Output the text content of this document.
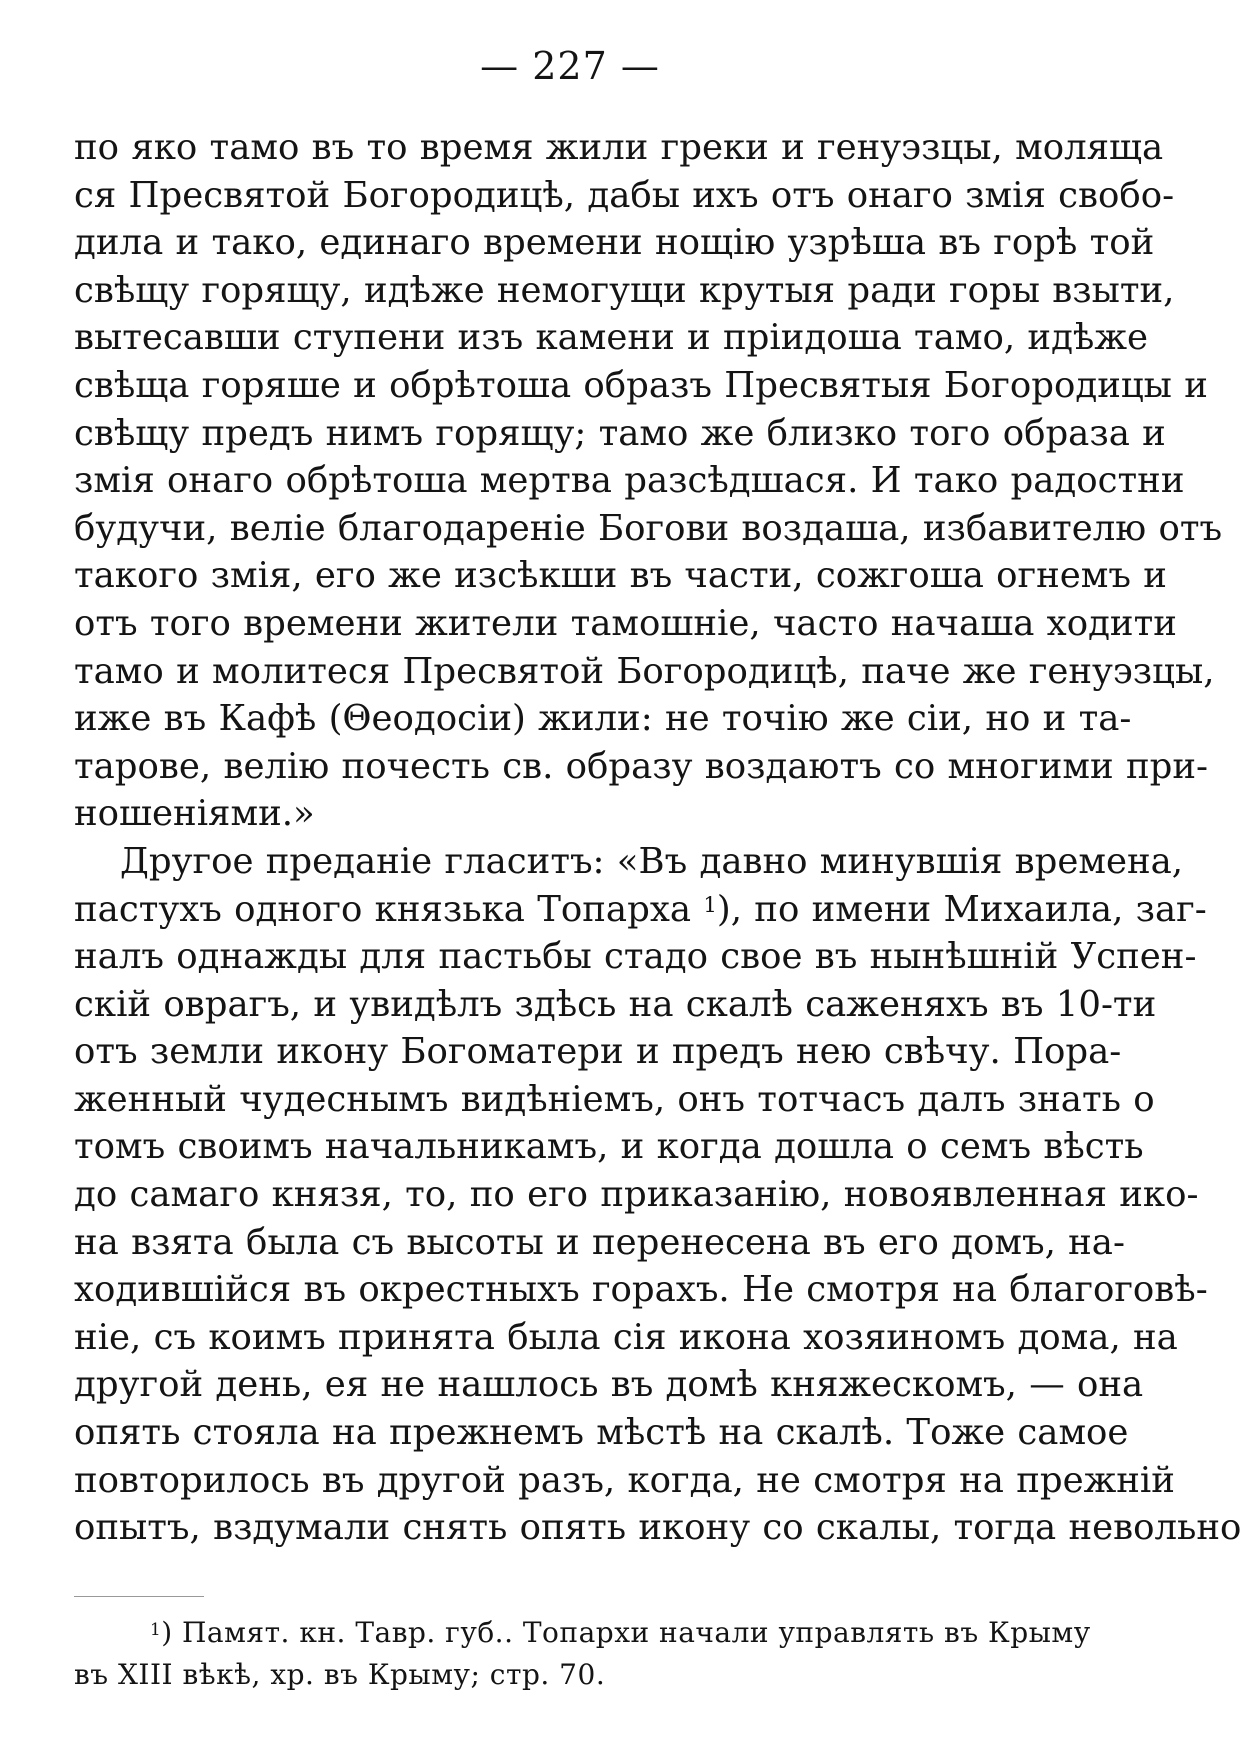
— 227 —

по яко тамо въ то время жили греки и генуэзцы, моляща
ся Пресвятой Богородицѣ, дабы ихъ отъ онаго змія свобо-
дила и тако, единаго времени нощію узрѣша въ горѣ той
свѣщу горящу, идѣже немогущи крутыя ради горы взыти,
вытесавши ступени изъ камени и пріидоша тамо, идѣже
свѣща горяше и обрѣтоша образъ Пресвятыя Богородицы и
свѣщу предъ нимъ горящу; тамо же близко того образа и
змія онаго обрѣтоша мертва разсѣдшася. И тако радостни
будучи, веліе благодареніе Богови воздаша, избавителю отъ
такого змія, его же изсѣкши въ части, сожгоша огнемъ и
отъ того времени жители тамошніе, часто начаша ходити
тамо и молитеся Пресвятой Богородицѣ, паче же генуэзцы,
иже въ Кафѣ (Θеодосіи) жили: не точію же сіи, но и та-
тарове, велію почесть св. образу воздаютъ со многими при-
ношеніями.»

Другое преданіе гласитъ: «Въ давно минувшія времена,
пастухъ одного князька Топарха $^1$), по имени Михаила, заг-
налъ однажды для пастьбы стадо свое въ нынѣшній Успен-
скій оврагъ, и увидѣлъ здѣсь на скалѣ саженяхъ въ 10-ти
отъ земли икону Богоматери и предъ нею свѣчу. Пора-
женный чудеснымъ видѣніемъ, онъ тотчасъ далъ знать о
томъ своимъ начальникамъ, и когда дошла о семъ вѣсть
до самаго князя, то, по его приказанію, новоявленная ико-
на взята была съ высоты и перенесена въ его домъ, на-
ходившійся въ окрестныхъ горахъ. Не смотря на благоговѣ-
ніе, съ коимъ принята была сія икона хозяиномъ дома, на
другой день, ея не нашлось въ домѣ княжескомъ, — она
опять стояла на прежнемъ мѣстѣ на скалѣ. Тоже самое
повторилось въ другой разъ, когда, не смотря на прежній
опытъ, вздумали снять опять икону со скалы, тогда невольно

$^1$) Памят. кн. Тавр. губ.. Топархи начали управлять въ Крыму
въ XIII вѣкѣ, хр. въ Крыму; стр. 70.
